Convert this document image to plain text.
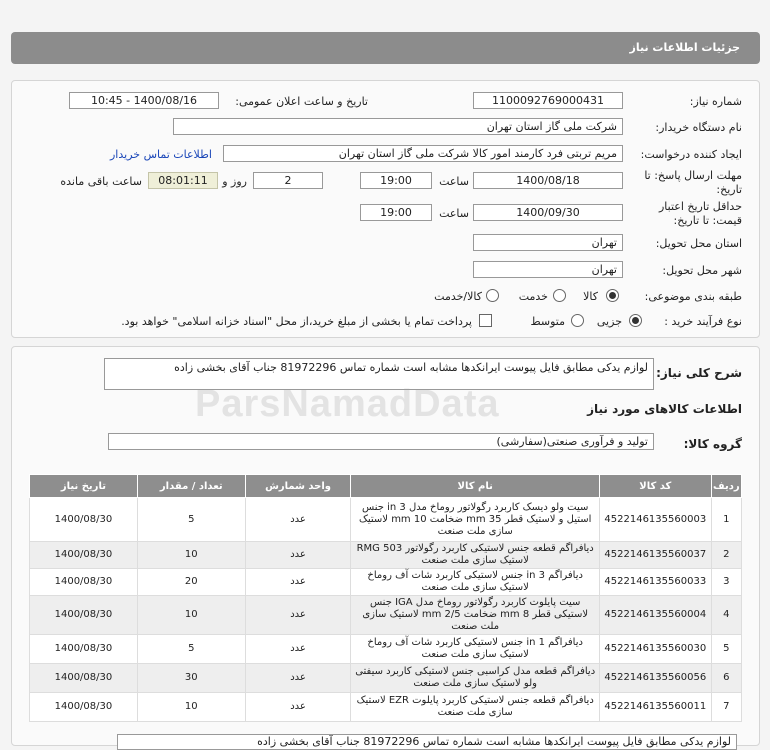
جزئیات اطلاعات نیاز
شماره نیاز:
1100092769000431
تاریخ و ساعت اعلان عمومی:
1400/08/16 - 10:45
نام دستگاه خریدار:
شرکت ملی گاز استان تهران
ایجاد کننده درخواست:
مریم تربتی فرد کارمند امور کالا شرکت ملی گاز استان تهران
اطلاعات تماس خریدار
مهلت ارسال پاسخ: تا
تاریخ:
1400/08/18
ساعت
19:00
2
روز و
08:01:11
ساعت باقی مانده
حداقل تاریخ اعتبار
قیمت: تا تاریخ:
1400/09/30
ساعت
19:00
استان محل تحویل:
تهران
شهر محل تحویل:
تهران
طبقه بندی موضوعی:
کالا
خدمت
کالا/خدمت
نوع فرآیند خرید :
جزیی
متوسط
پرداخت تمام یا بخشی از مبلغ خرید،از محل "اسناد خزانه اسلامی" خواهد بود.
شرح کلی نیاز:
لوازم یدکی مطابق فایل پیوست ایرانکدها مشابه است شماره تماس 81972296 جناب آقای بخشی زاده
اطلاعات کالاهای مورد نیاز
ParsNamadData
گروه کالا:
تولید و فرآوری صنعتی(سفارشی)
ردیف	کد کالا	نام کالا	واحد شمارش	تعداد / مقدار	تاریخ نیاز
1	4522146135560003	سیت ولو دیسک کاربرد رگولاتور روماخ مدل in 3 جنس استیل و لاستیک قطر 35 mm ضخامت 10 mm لاستیک سازی ملت صنعت	عدد	5	1400/08/30
2	4522146135560037	دیافراگم قطعه جنس لاستیکی کاربرد رگولاتور RMG 503 لاستیک سازی ملت صنعت	عدد	10	1400/08/30
3	4522146135560033	دیافراگم in 3 جنس لاستیکی کاربرد شات آف روماخ لاستیک سازی ملت صنعت	عدد	20	1400/08/30
4	4522146135560004	سیت پایلوت کاربرد رگولاتور روماخ مدل IGA جنس لاستیکی قطر 8 mm ضخامت 2/5 mm لاستیک سازی ملت صنعت	عدد	10	1400/08/30
5	4522146135560030	دیافراگم in 1 جنس لاستیکی کاربرد شات آف روماخ لاستیک سازی ملت صنعت	عدد	5	1400/08/30
6	4522146135560056	دیافراگم قطعه مدل کراسبی جنس لاستیکی کاربرد سیفتی ولو لاستیک سازی ملت صنعت	عدد	30	1400/08/30
7	4522146135560011	دیافراگم قطعه جنس لاستیکی کاربرد پایلوت EZR لاستیک سازی ملت صنعت	عدد	10	1400/08/30
لوازم یدکی مطابق فایل پیوست ایرانکدها مشابه است شماره تماس 81972296 جناب آقای بخشی زاده
